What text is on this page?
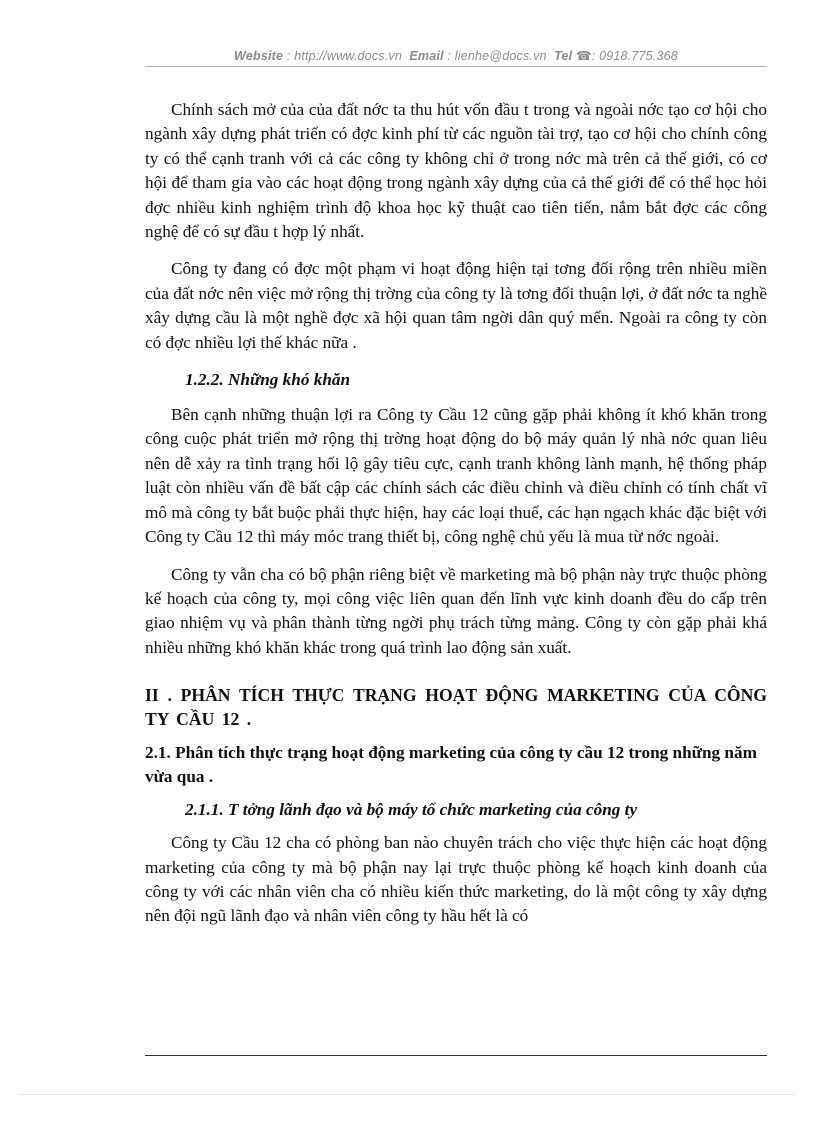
Website : http://www.docs.vn Email : lienhe@docs.vn Tel ☎: 0918.775.368

Chính sách mở của của đất nớc ta thu hút vốn đầu t trong và ngoài nớc tạo cơ hội cho ngành xây dựng phát triển có đợc kinh phí từ các nguồn tài trợ, tạo cơ hội cho chính công ty có thể cạnh tranh với cả các công ty không chỉ ở trong nớc mà trên cả thế giới, có cơ hội để tham gia vào các hoạt động trong ngành xây dựng của cả thế giới để có thể học hỏi đợc nhiều kinh nghiệm trình độ khoa học kỹ thuật cao tiên tiến, nắm bắt đợc các công nghệ để có sự đầu t hợp lý nhất.

Công ty đang có đợc một phạm vi hoạt động hiện tại tơng đối rộng trên nhiều miền của đất nớc nên việc mở rộng thị trờng của công ty là tơng đối thuận lợi, ở đất nớc ta nghề xây dựng cầu là một nghề đợc xã hội quan tâm ngời dân quý mến. Ngoài ra công ty còn có đợc nhiều lợi thế khác nữa .

1.2.2. Những khó khăn

Bên cạnh những thuận lợi ra Công ty Cầu 12 cũng gặp phải không ít khó khăn trong công cuộc phát triển mở rộng thị trờng hoạt động do bộ máy quản lý nhà nớc quan liêu nên dễ xảy ra tình trạng hối lộ gây tiêu cực, cạnh tranh không lành mạnh, hệ thống pháp luật còn nhiều vấn đề bất cập các chính sách các điều chỉnh và điều chỉnh có tính chất vĩ mô mà công ty bắt buộc phải thực hiện, hay các loại thuế, các hạn ngạch khác đặc biệt với Công ty Cầu 12 thì máy móc trang thiết bị, công nghệ chủ yếu là mua từ nớc ngoài.

Công ty vẫn cha có bộ phận riêng biệt về marketing mà bộ phận này trực thuộc phòng kế hoạch của công ty, mọi công việc liên quan đến lĩnh vực kinh doanh đều do cấp trên giao nhiệm vụ và phân thành từng ngời phụ trách từng mảng. Công ty còn gặp phải khá nhiều những khó khăn khác trong quá trình lao động sản xuất.

II . PHÂN TÍCH THỰC TRẠNG HOẠT ĐỘNG MARKETING CỦA CÔNG TY CẦU 12 .
2.1. Phân tích thực trạng hoạt động marketing của công ty cầu 12 trong những năm vừa qua .
2.1.1. T tởng lãnh đạo và bộ máy tổ chức marketing của công ty

Công ty Cầu 12 cha có phòng ban nào chuyên trách cho việc thực hiện các hoạt động marketing của công ty mà bộ phận nay lại trực thuộc phòng kế hoạch kinh doanh của công ty với các nhân viên cha có nhiều kiến thức marketing, do là một công ty xây dựng nên đội ngũ lãnh đạo và nhân viên công ty hầu hết là có
